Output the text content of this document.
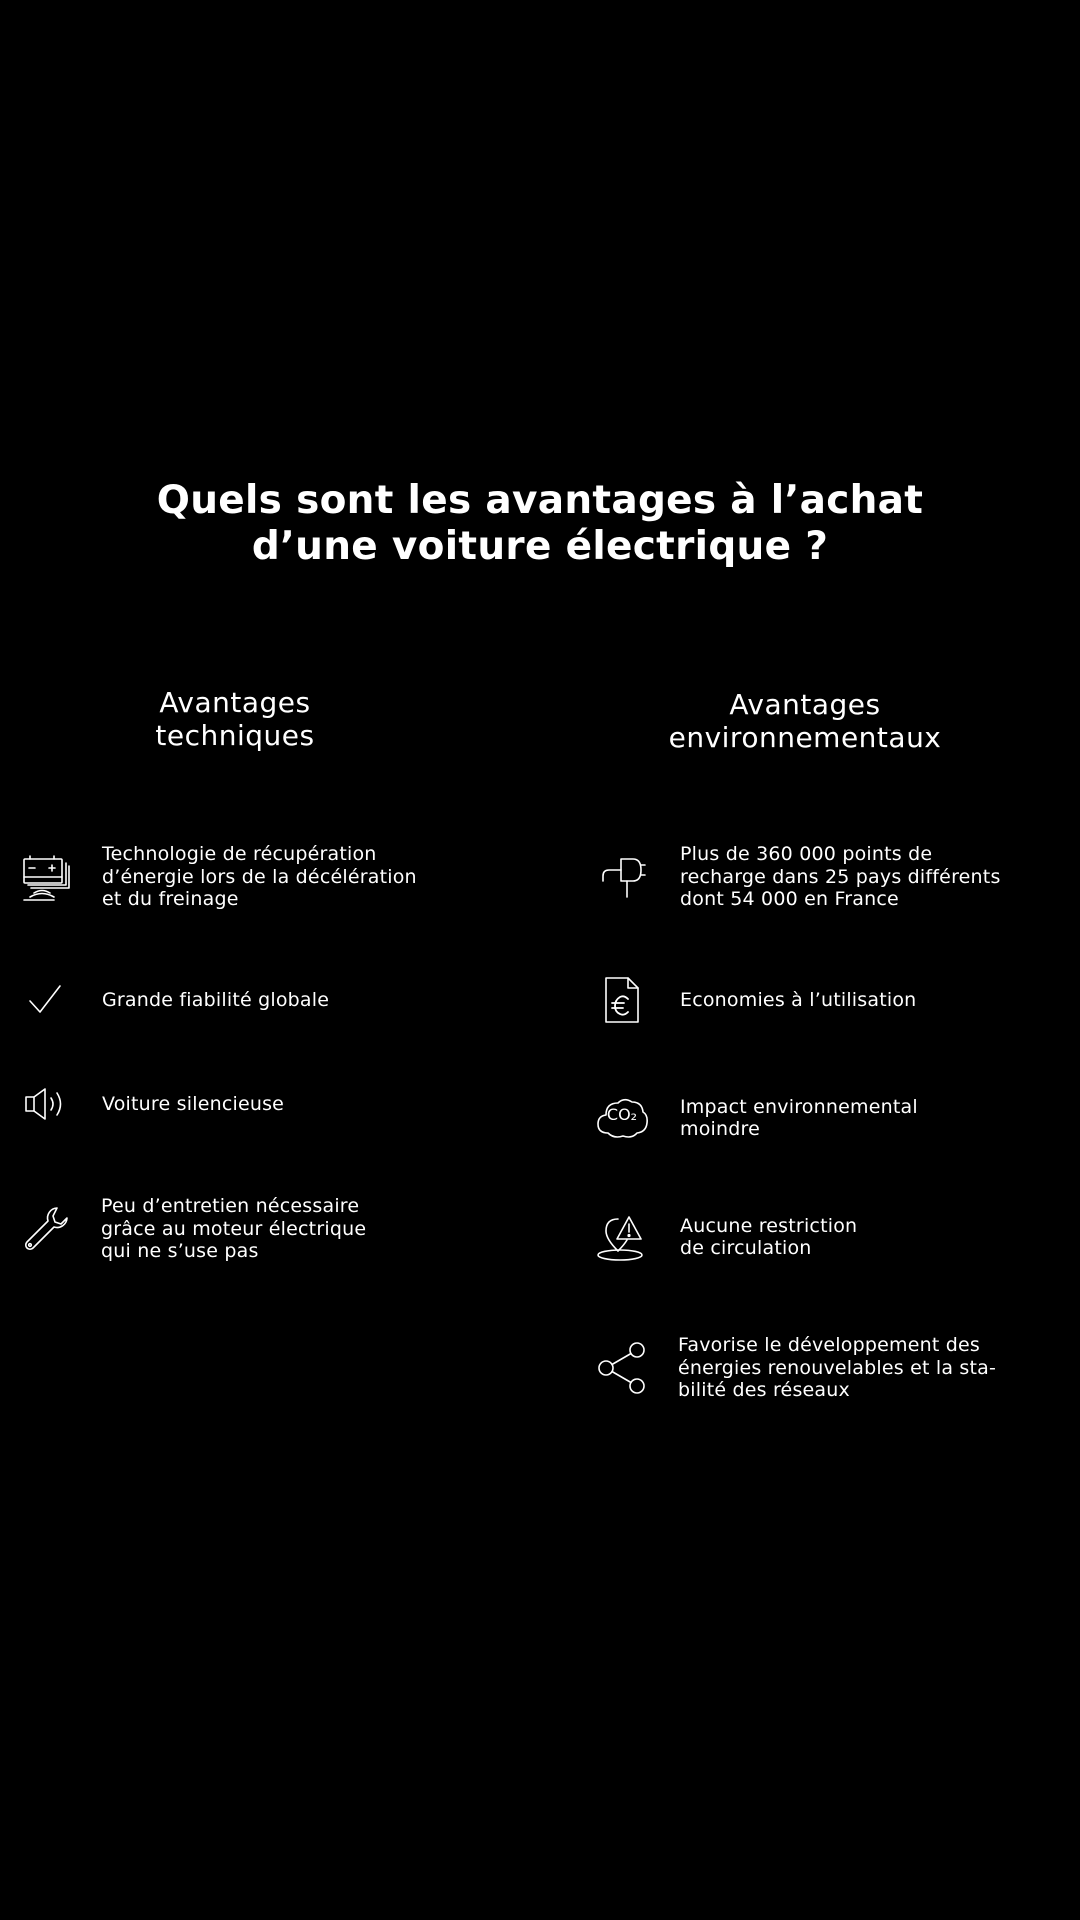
Quels sont les avantages à l’achat
d’une voiture électrique ?
Avantages
techniques
Avantages
environnementaux
Technologie de récupération
d’énergie lors de la décélération
et du freinage
Grande fiabilité globale
Voiture silencieuse
Peu d’entretien nécessaire
grâce au moteur électrique
qui ne s’use pas
Plus de 360 000 points de
recharge dans 25 pays différents
dont 54 000 en France
Economies à l’utilisation
CO₂	Impact environnemental
moindre
Aucune restriction
de circulation
Favorise le développement des
énergies renouvelables et la sta-
bilité des réseaux
